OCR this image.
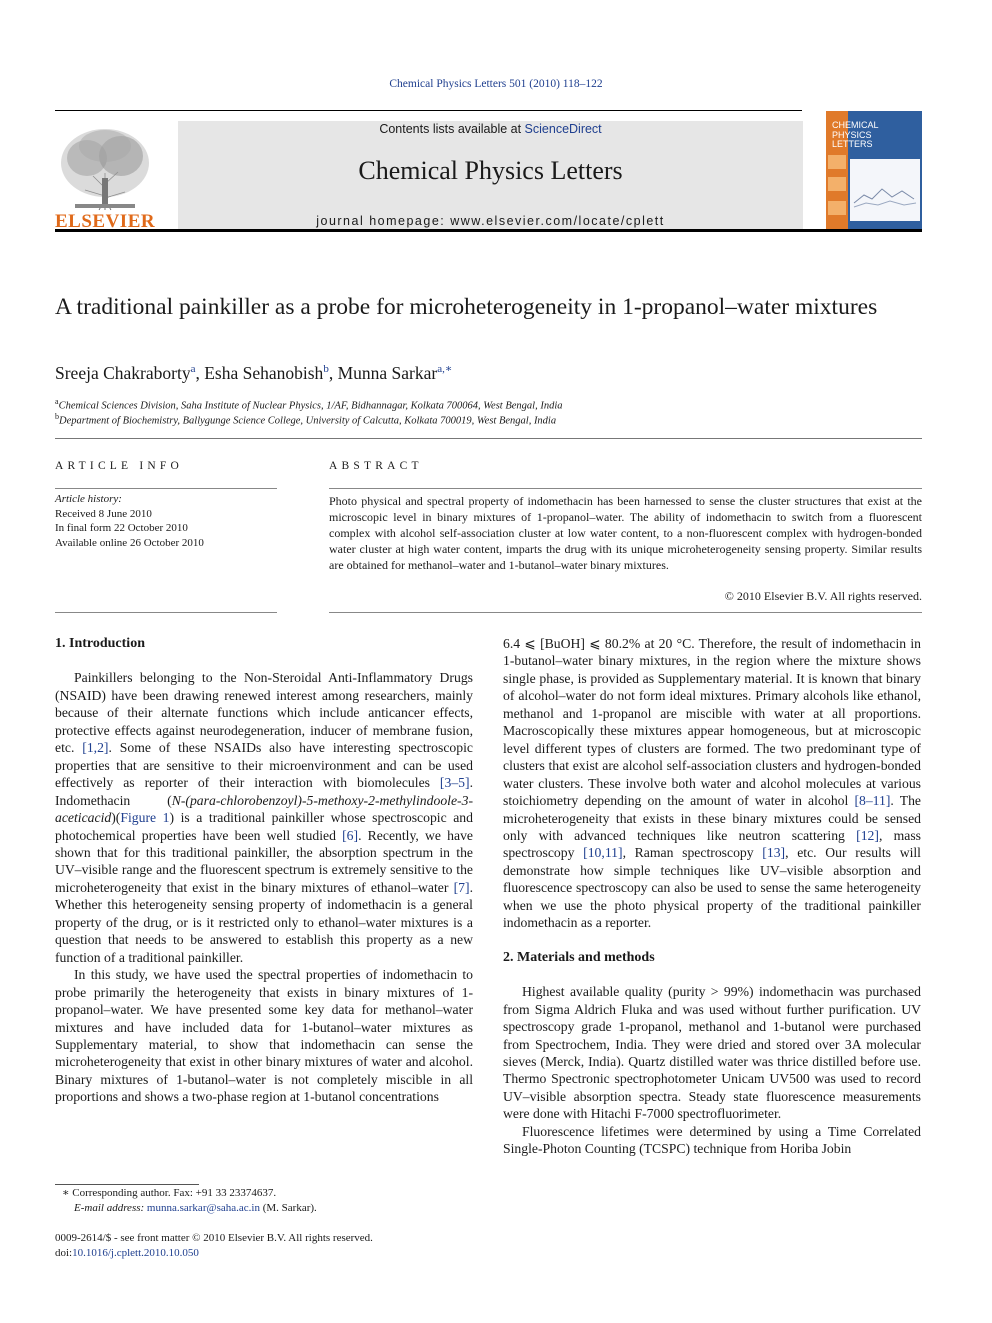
Chemical Physics Letters 501 (2010) 118–122
ELSEVIER
Contents lists available at ScienceDirect
Chemical Physics Letters
journal homepage: www.elsevier.com/locate/cplett
CHEMICAL PHYSICS LETTERS
A traditional painkiller as a probe for microheterogeneity in 1-propanol–water mixtures
Sreeja Chakraborty$^a$, Esha Sehanobish$^b$, Munna Sarkar$^{a,∗}$
$^a$Chemical Sciences Division, Saha Institute of Nuclear Physics, 1/AF, Bidhannagar, Kolkata 700064, West Bengal, India
$^b$Department of Biochemistry, Ballygunge Science College, University of Calcutta, Kolkata 700019, West Bengal, India
ARTICLE INFO
Article history:
Received 8 June 2010
In final form 22 October 2010
Available online 26 October 2010
ABSTRACT
Photo physical and spectral property of indomethacin has been harnessed to sense the cluster structures that exist at the microscopic level in binary mixtures of 1-propanol–water. The ability of indomethacin to switch from a fluorescent complex with alcohol self-association cluster at low water content, to a non-fluorescent complex with hydrogen-bonded water cluster at high water content, imparts the drug with its unique microheterogeneity sensing property. Similar results are obtained for methanol–water and 1-butanol–water binary mixtures.
© 2010 Elsevier B.V. All rights reserved.
1. Introduction

Painkillers belonging to the Non-Steroidal Anti-Inflammatory Drugs (NSAID) have been drawing renewed interest among researchers, mainly because of their alternate functions which include anticancer effects, protective effects against neurodegeneration, inducer of membrane fusion, etc. [1,2]. Some of these NSAIDs also have interesting spectroscopic properties that are sensitive to their microenvironment and can be used effectively as reporter of their interaction with biomolecules [3–5]. Indomethacin (N-(para-chlorobenzoyl)-5-methoxy-2-methylindoole-3-aceticacid)(Figure 1) is a traditional painkiller whose spectroscopic and photochemical properties have been well studied [6]. Recently, we have shown that for this traditional painkiller, the absorption spectrum in the UV–visible range and the fluorescent spectrum is extremely sensitive to the microheterogeneity that exist in the binary mixtures of ethanol–water [7]. Whether this heterogeneity sensing property of indomethacin is a general property of the drug, or is it restricted only to ethanol–water mixtures is a question that needs to be answered to establish this property as a new function of a traditional painkiller.

In this study, we have used the spectral properties of indomethacin to probe primarily the heterogeneity that exists in binary mixtures of 1-propanol–water. We have presented some key data for methanol–water mixtures and have included data for 1-butanol–water mixtures as Supplementary material, to show that indomethacin can sense the microheterogeneity that exist in other binary mixtures of water and alcohol. Binary mixtures of 1-butanol–water is not completely miscible in all proportions and shows a two-phase region at 1-butanol concentrations

∗ Corresponding author. Fax: +91 33 23374637.
E-mail address: munna.sarkar@saha.ac.in (M. Sarkar).
0009-2614/$ - see front matter © 2010 Elsevier B.V. All rights reserved.
doi:10.1016/j.cplett.2010.10.050

6.4 ⩽ [BuOH] ⩽ 80.2% at 20 °C. Therefore, the result of indomethacin in 1-butanol–water binary mixtures, in the region where the mixture shows single phase, is provided as Supplementary material. It is known that binary of alcohol–water do not form ideal mixtures. Primary alcohols like ethanol, methanol and 1-propanol are miscible with water at all proportions. Macroscopically these mixtures appear homogeneous, but at microscopic level different types of clusters are formed. The two predominant type of clusters that exist are alcohol self-association clusters and hydrogen-bonded water clusters. These involve both water and alcohol molecules at various stoichiometry depending on the amount of water in alcohol [8–11]. The microheterogeneity that exists in these binary mixtures could be sensed only with advanced techniques like neutron scattering [12], mass spectroscopy [10,11], Raman spectroscopy [13], etc. Our results will demonstrate how simple techniques like UV–visible absorption and fluorescence spectroscopy can also be used to sense the same heterogeneity when we use the photo physical property of the traditional painkiller indomethacin as a reporter.

2. Materials and methods

Highest available quality (purity > 99%) indomethacin was purchased from Sigma Aldrich Fluka and was used without further purification. UV spectroscopy grade 1-propanol, methanol and 1-butanol were purchased from Spectrochem, India. They were dried and stored over 3A molecular sieves (Merck, India). Quartz distilled water was thrice distilled before use. Thermo Spectronic spectrophotometer Unicam UV500 was used to record UV–visible absorption spectra. Steady state fluorescence measurements were done with Hitachi F-7000 spectrofluorimeter.

Fluorescence lifetimes were determined by using a Time Correlated Single-Photon Counting (TCSPC) technique from Horiba Jobin
